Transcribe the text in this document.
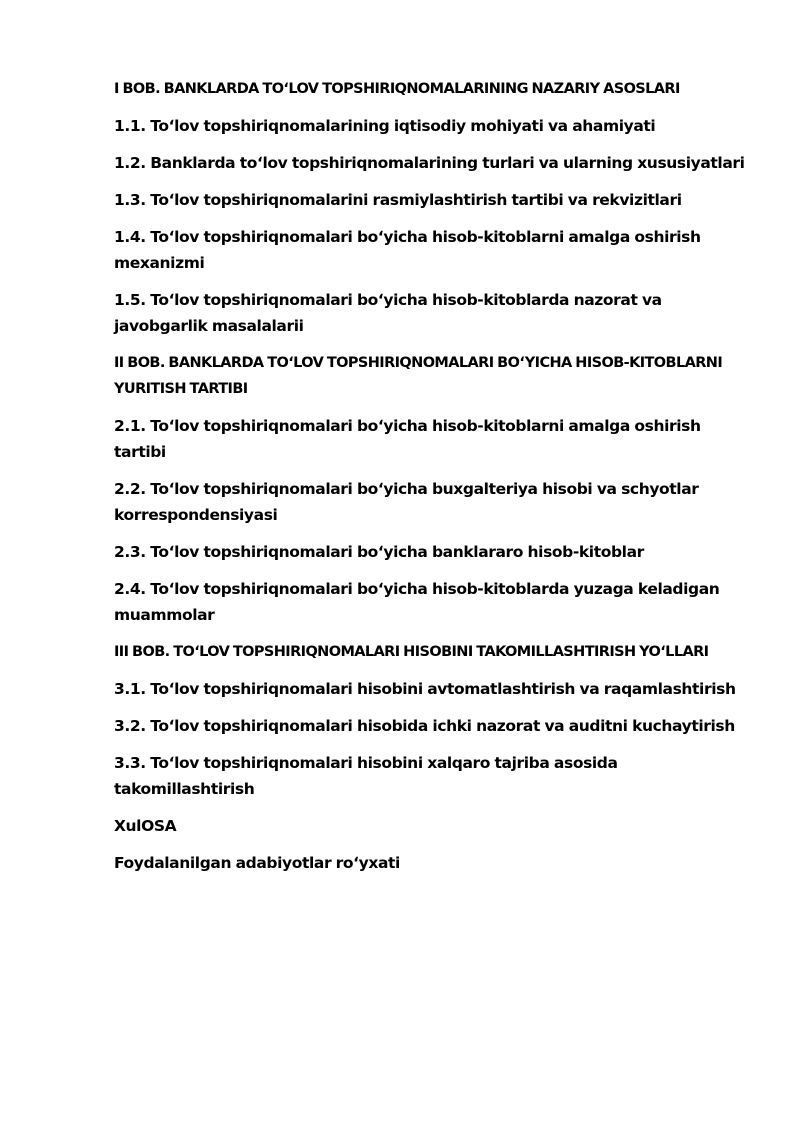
I BOB. BANKLARDA TOʻLOV TOPSHIRIQNOMALARINING NAZARIY ASOSLARI

1.1. Toʻlov topshiriqnomalarining iqtisodiy mohiyati va ahamiyati

1.2. Banklarda toʻlov topshiriqnomalarining turlari va ularning xususiyatlari

1.3. Toʻlov topshiriqnomalarini rasmiylashtirish tartibi va rekvizitlari

1.4. Toʻlov topshiriqnomalari boʻyicha hisob-kitoblarni amalga oshirish mexanizmi

1.5. Toʻlov topshiriqnomalari boʻyicha hisob-kitoblarda nazorat va javobgarlik masalalarii

II BOB. BANKLARDA TOʻLOV TOPSHIRIQNOMALARI BOʻYICHA HISOB-KITOBLARNI YURITISH TARTIBI

2.1. Toʻlov topshiriqnomalari boʻyicha hisob-kitoblarni amalga oshirish tartibi

2.2. Toʻlov topshiriqnomalari boʻyicha buxgalteriya hisobi va schyotlar korrespondensiyasi

2.3. Toʻlov topshiriqnomalari boʻyicha banklararo hisob-kitoblar

2.4. Toʻlov topshiriqnomalari boʻyicha hisob-kitoblarda yuzaga keladigan muammolar

III BOB. TOʻLOV TOPSHIRIQNOMALARI HISOBINI TAKOMILLASHTIRISH YOʻLLARI

3.1. Toʻlov topshiriqnomalari hisobini avtomatlashtirish va raqamlashtirish

3.2. Toʻlov topshiriqnomalari hisobida ichki nazorat va auditni kuchaytirish

3.3. Toʻlov topshiriqnomalari hisobini xalqaro tajriba asosida takomillashtirish

XulOSA

Foydalanilgan adabiyotlar roʻyxati
